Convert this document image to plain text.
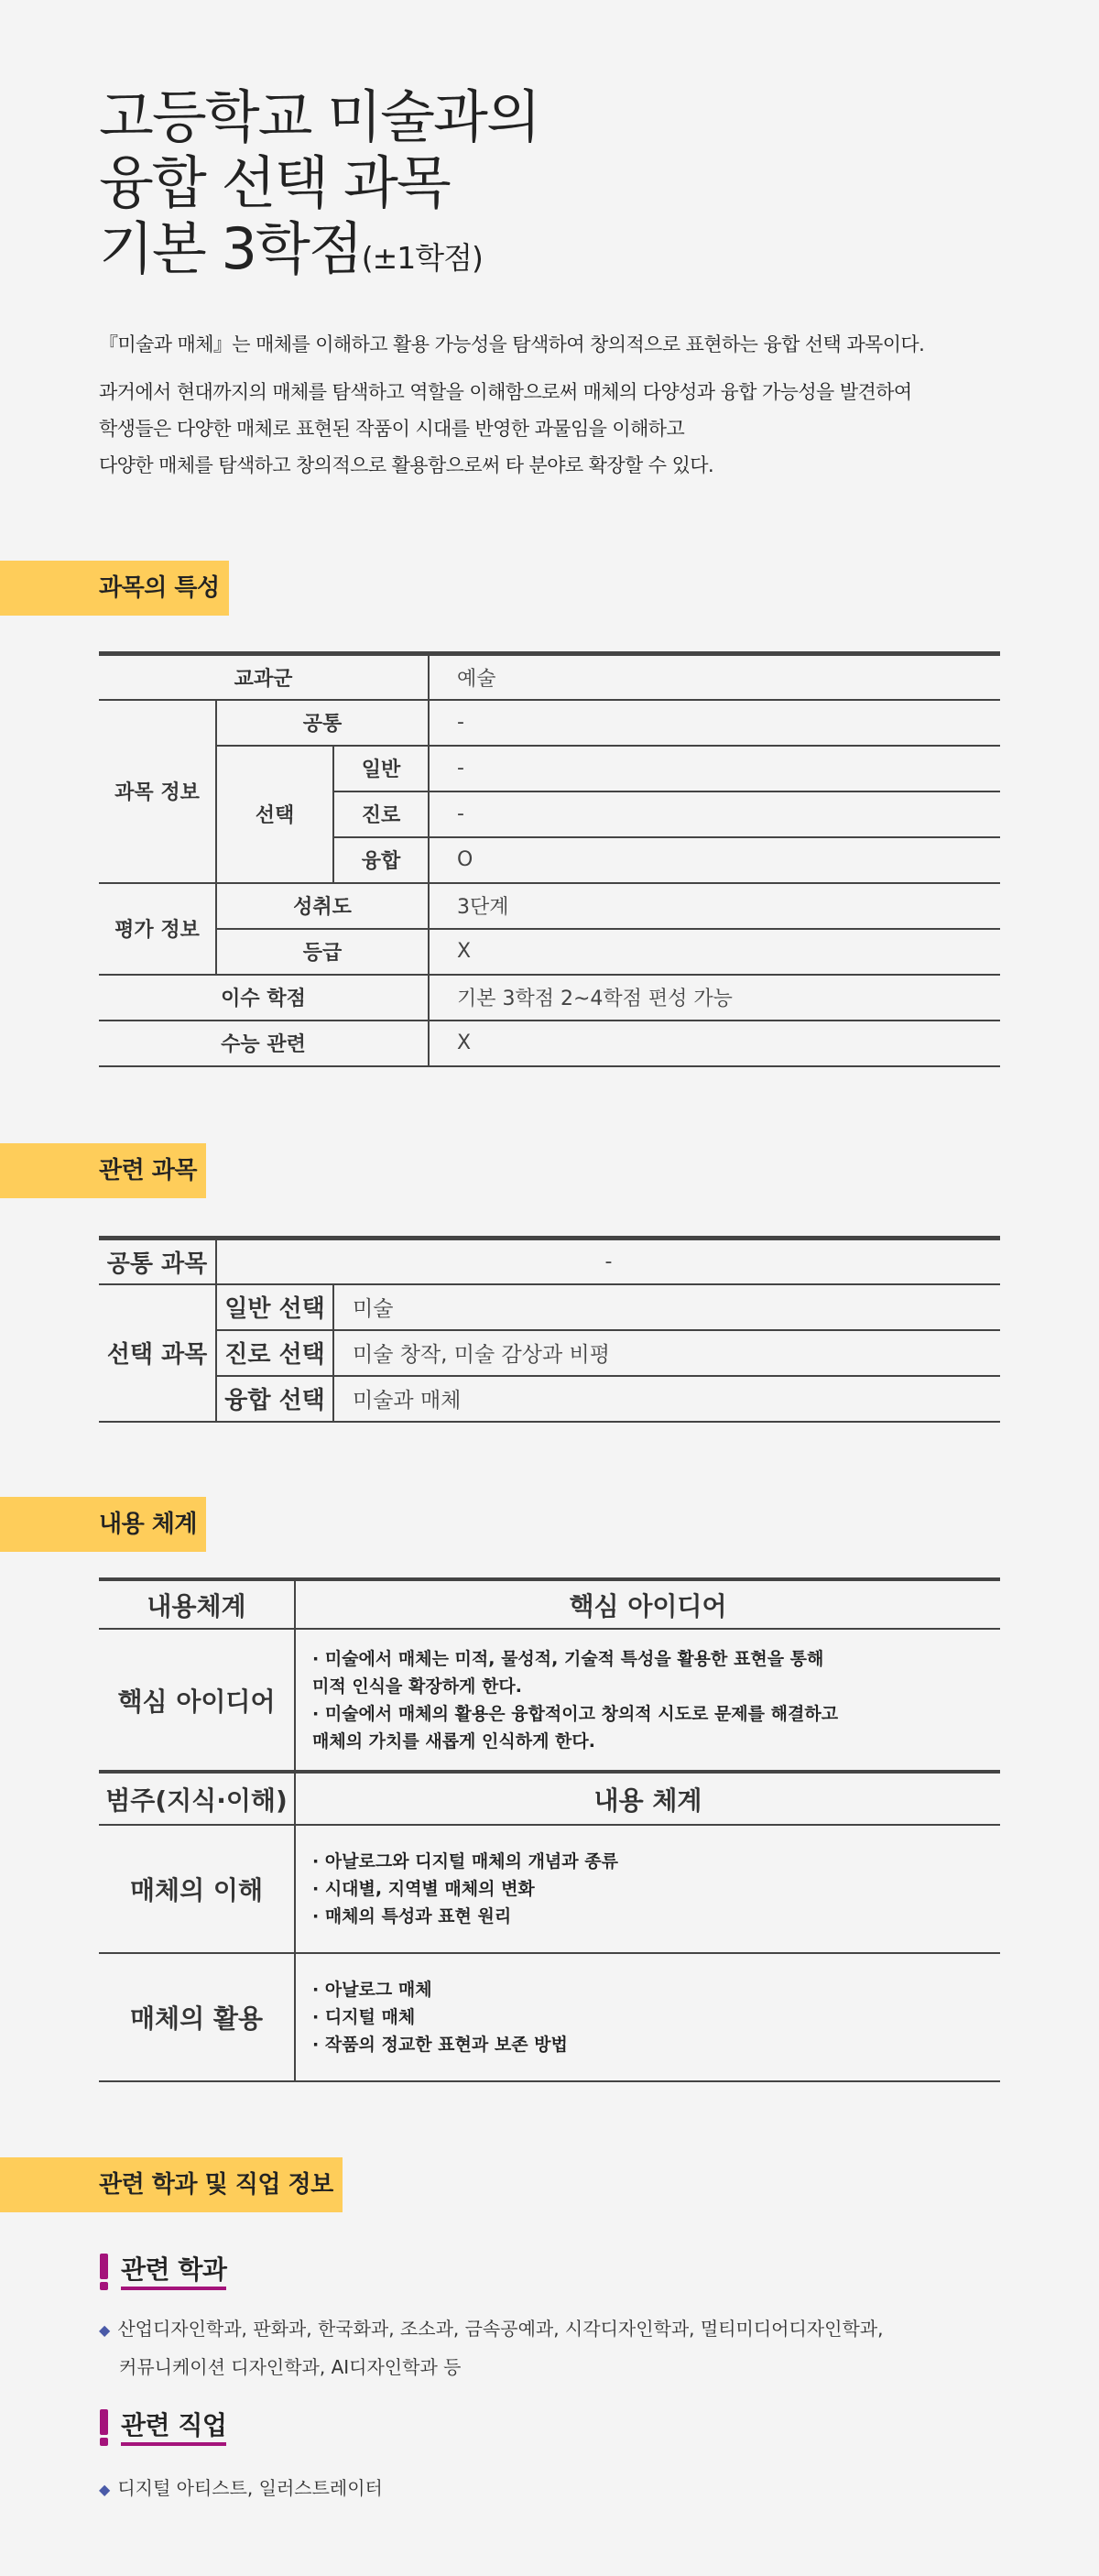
고등학교 미술과의
융합 선택 과목
기본 3학점(±1학점)

『미술과 매체』는 매체를 이해하고 활용 가능성을 탐색하여 창의적으로 표현하는 융합 선택 과목이다.

과거에서 현대까지의 매체를 탐색하고 역할을 이해함으로써 매체의 다양성과 융합 가능성을 발견하여

학생들은 다양한 매체로 표현된 작품이 시대를 반영한 과물임을 이해하고

다양한 매체를 탐색하고 창의적으로 활용함으로써 타 분야로 확장할 수 있다.

과목의 특성
교과군			예술
과목 정보	공통		-
	선택	일반	-
		진로	-
		융합	O
평가 정보	성취도		3단계
	등급		X
이수 학점			기본 3학점 2~4학점 편성 가능
수능 관련			X
관련 과목
공통 과목	-	
선택 과목	일반 선택	미술
	진로 선택	미술 창작, 미술 감상과 비평
	융합 선택	미술과 매체
내용 체계
내용체계	핵심 아이디어
핵심 아이디어	· 미술에서 매체는 미적, 물성적, 기술적 특성을 활용한 표현을 통해
미적 인식을 확장하게 한다.
· 미술에서 매체의 활용은 융합적이고 창의적 시도로 문제를 해결하고
매체의 가치를 새롭게 인식하게 한다.

범주(지식·이해)	내용 체계
매체의 이해	· 아날로그와 디지털 매체의 개념과 종류
· 시대별, 지역별 매체의 변화
· 매체의 특성과 표현 원리

매체의 활용	· 아날로그 매체
· 디지털 매체
· 작품의 정교한 표현과 보존 방법
관련 학과 및 직업 정보
관련 학과
◆ 산업디자인학과, 판화과, 한국화과, 조소과, 금속공예과, 시각디자인학과, 멀티미디어디자인학과,
커뮤니케이션 디자인학과, AI디자인학과 등
관련 직업
◆ 디지털 아티스트, 일러스트레이터
